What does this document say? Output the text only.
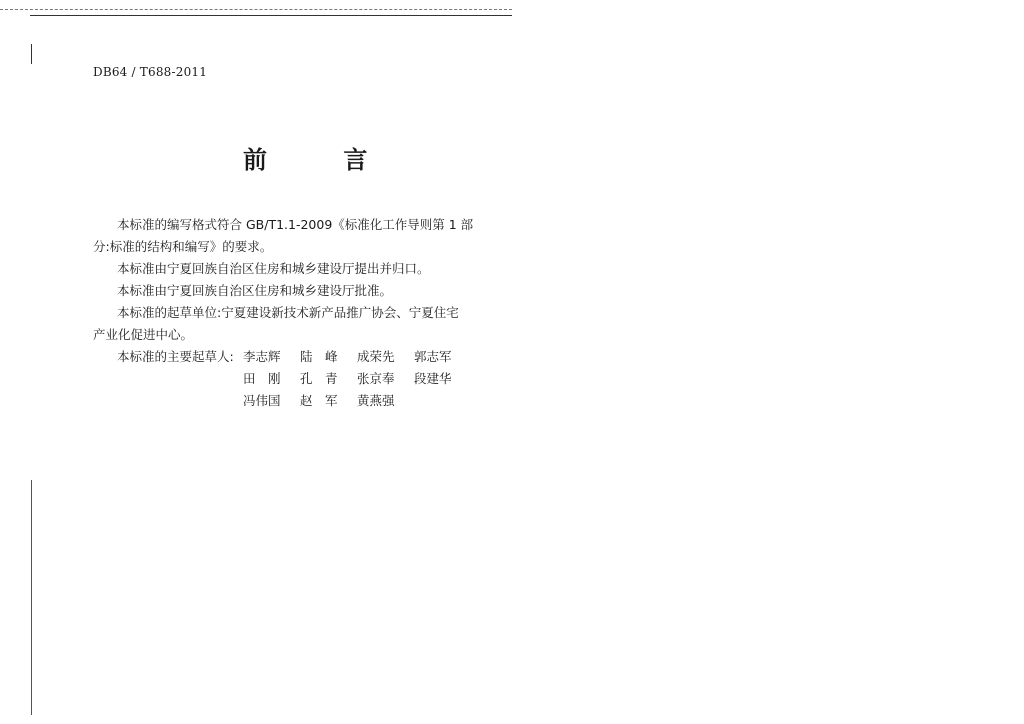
DB64 / T688-2011
前 言
本标准的编写格式符合 GB/T1.1-2009《标准化工作导则第 1 部
分:标准的结构和编写》的要求。
本标准由宁夏回族自治区住房和城乡建设厅提出并归口。
本标准由宁夏回族自治区住房和城乡建设厅批准。
本标准的起草单位:宁夏建设新技术新产品推广协会、宁夏住宅
产业化促进中心。
本标准的主要起草人: 李志辉 陆　峰 成荣先 郭志军
田　刚 孔　青 张京奉 段建华
冯伟国 赵　军 黄燕强
